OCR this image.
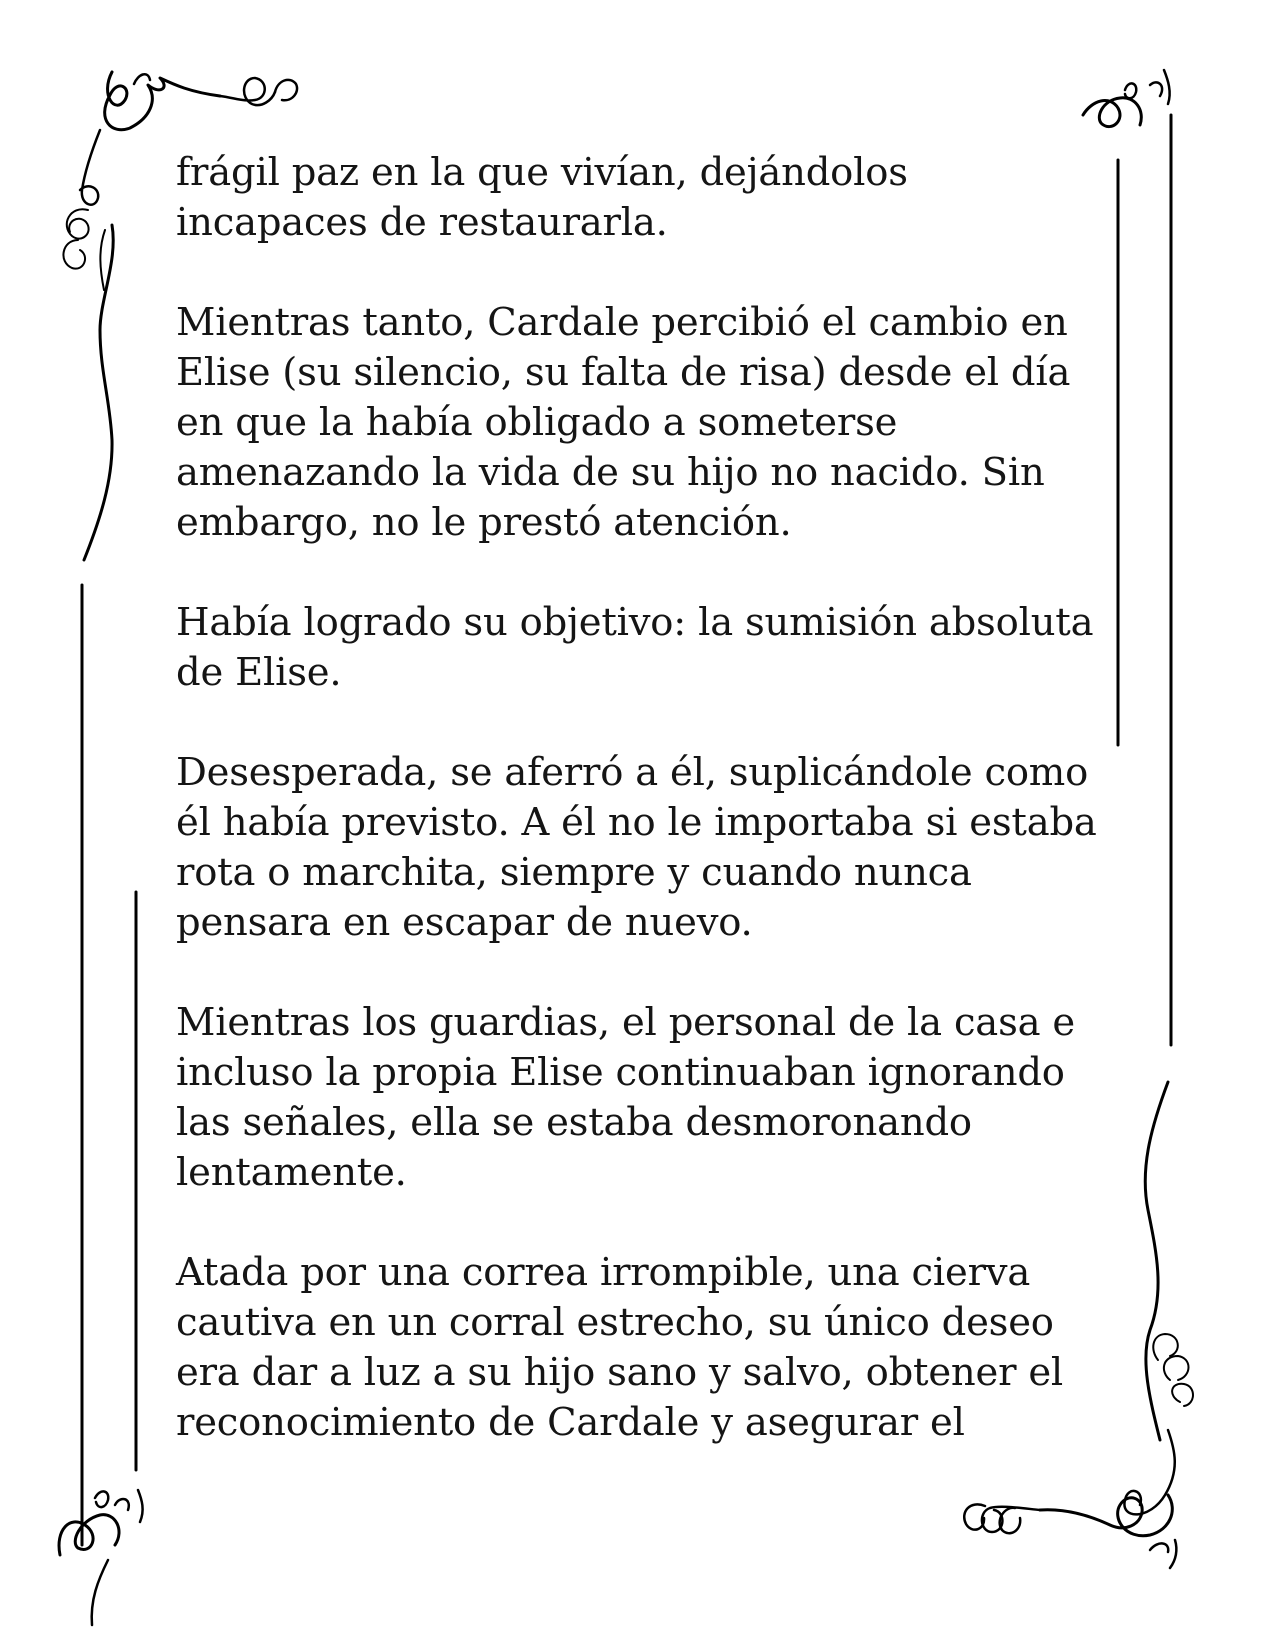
frágil paz en la que vivían, dejándolos
incapaces de restaurarla.

Mientras tanto, Cardale percibió el cambio en
Elise (su silencio, su falta de risa) desde el día
en que la había obligado a someterse
amenazando la vida de su hijo no nacido. Sin
embargo, no le prestó atención.

Había logrado su objetivo: la sumisión absoluta
de Elise.

Desesperada, se aferró a él, suplicándole como
él había previsto. A él no le importaba si estaba
rota o marchita, siempre y cuando nunca
pensara en escapar de nuevo.

Mientras los guardias, el personal de la casa e
incluso la propia Elise continuaban ignorando
las señales, ella se estaba desmoronando
lentamente.

Atada por una correa irrompible, una cierva
cautiva en un corral estrecho, su único deseo
era dar a luz a su hijo sano y salvo, obtener el
reconocimiento de Cardale y asegurar el
